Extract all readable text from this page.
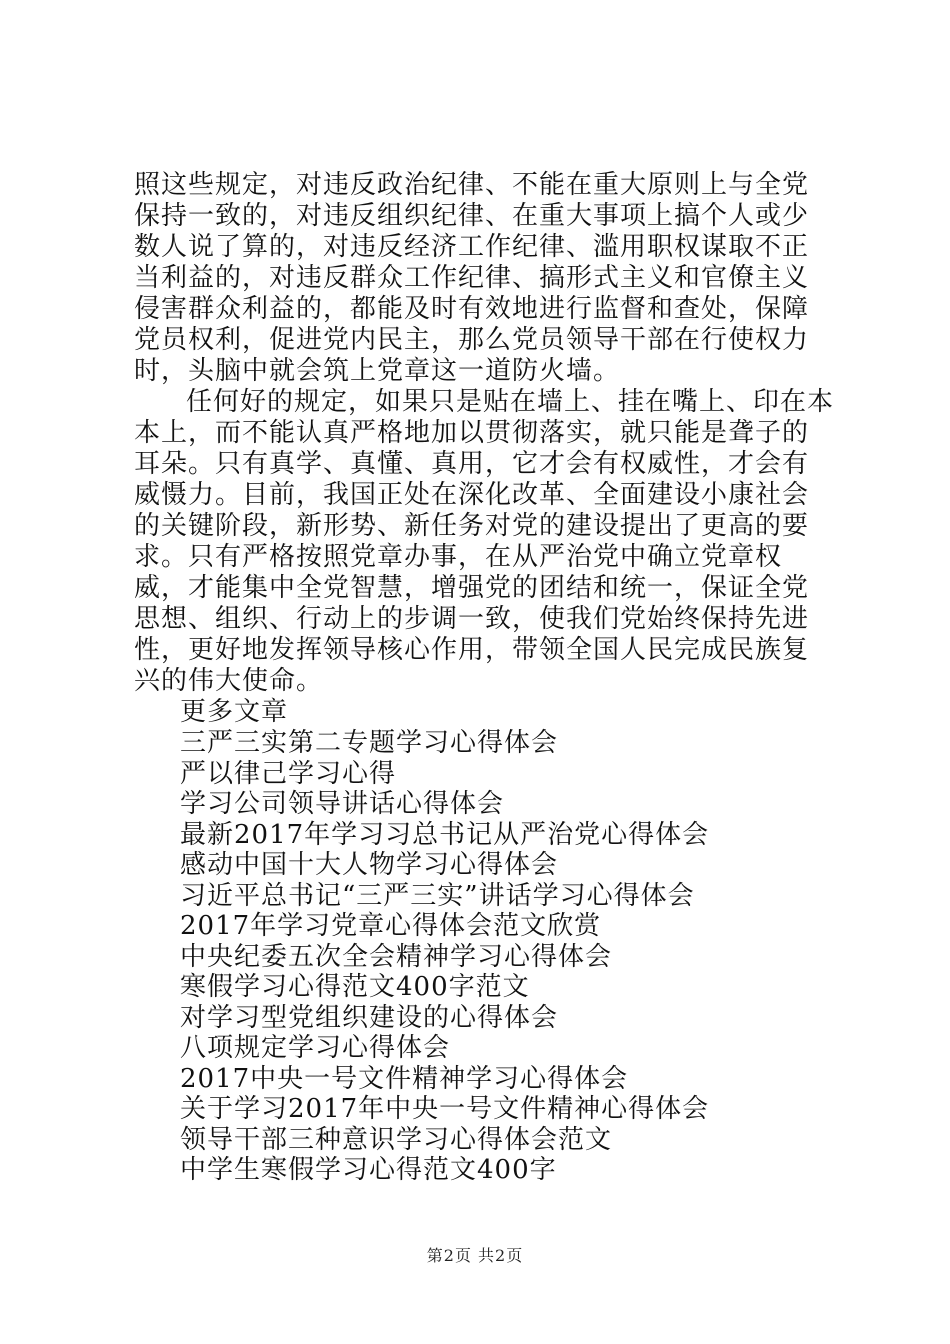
照这些规定，对违反政治纪律、不能在重大原则上与全党保持一致的，对违反组织纪律、在重大事项上搞个人或少数人说了算的，对违反经济工作纪律、滥用职权谋取不正当利益的，对违反群众工作纪律、搞形式主义和官僚主义侵害群众利益的，都能及时有效地进行监督和查处，保障党员权利，促进党内民主，那么党员领导干部在行使权力时，头脑中就会筑上党章这一道防火墙。

任何好的规定，如果只是贴在墙上、挂在嘴上、印在本本上，而不能认真严格地加以贯彻落实，就只能是聋子的耳朵。只有真学、真懂、真用，它才会有权威性，才会有威慑力。目前，我国正处在深化改革、全面建设小康社会的关键阶段，新形势、新任务对党的建设提出了更高的要求。只有严格按照党章办事，在从严治党中确立党章权威，才能集中全党智慧，增强党的团结和统一，保证全党思想、组织、行动上的步调一致，使我们党始终保持先进性，更好地发挥领导核心作用，带领全国人民完成民族复兴的伟大使命。

更多文章
三严三实第二专题学习心得体会
严以律己学习心得
学习公司领导讲话心得体会
最新2017年学习习总书记从严治党心得体会
感动中国十大人物学习心得体会
习近平总书记“三严三实”讲话学习心得体会
2017年学习党章心得体会范文欣赏
中央纪委五次全会精神学习心得体会
寒假学习心得范文400字范文
对学习型党组织建设的心得体会
八项规定学习心得体会
2017中央一号文件精神学习心得体会
关于学习2017年中央一号文件精神心得体会
领导干部三种意识学习心得体会范文
中学生寒假学习心得范文400字
第2页 共2页
